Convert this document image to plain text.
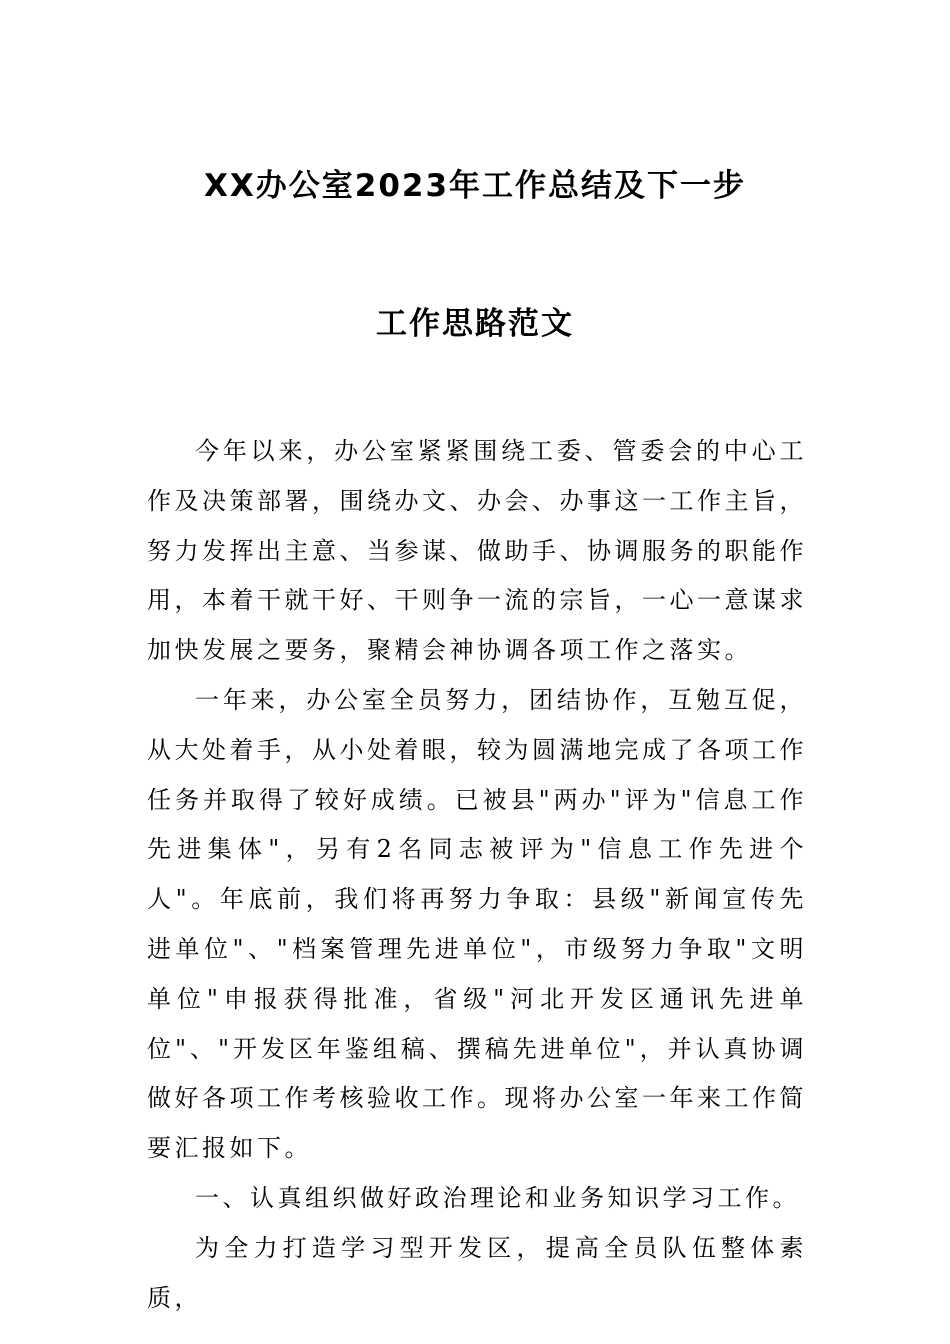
XX办公室2023年工作总结及下一步
工作思路范文

今年以来，办公室紧紧围绕工委、管委会的中心工作及决策部署，围绕办文、办会、办事这一工作主旨，努力发挥出主意、当参谋、做助手、协调服务的职能作用，本着干就干好、干则争一流的宗旨，一心一意谋求加快发展之要务，聚精会神协调各项工作之落实。

一年来，办公室全员努力，团结协作，互勉互促，从大处着手，从小处着眼，较为圆满地完成了各项工作任务并取得了较好成绩。已被县"两办"评为"信息工作先进集体"，另有2名同志被评为"信息工作先进个人"。年底前，我们将再努力争取：县级"新闻宣传先进单位"、"档案管理先进单位"，市级努力争取"文明单位"申报获得批准，省级"河北开发区通讯先进单位"、"开发区年鉴组稿、撰稿先进单位"，并认真协调做好各项工作考核验收工作。现将办公室一年来工作简要汇报如下。

一、认真组织做好政治理论和业务知识学习工作。

为全力打造学习型开发区，提高全员队伍整体素质，
